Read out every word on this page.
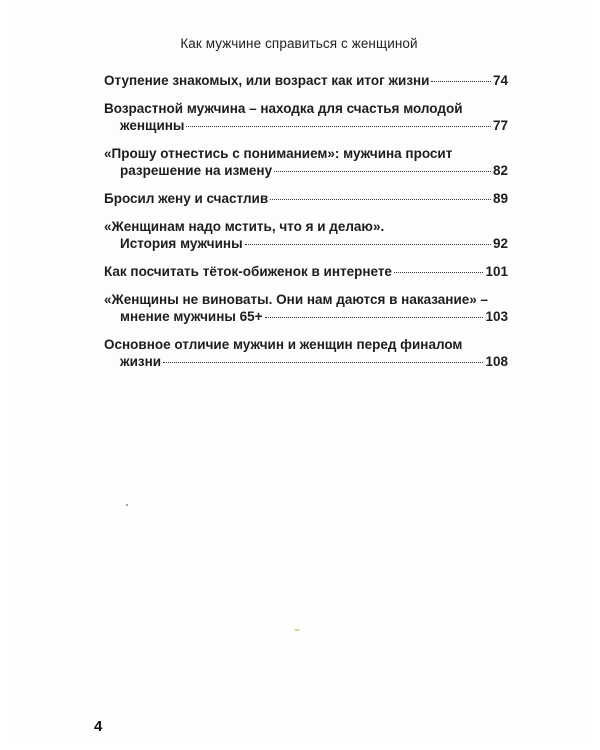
Как мужчине справиться с женщиной
Отупение знакомых, или возраст как итог жизни	74
Возрастной мужчина – находка для счастья молодой
женщины	77
«Прошу отнестись с пониманием»: мужчина просит
разрешение на измену	82
Бросил жену и счастлив	89
«Женщинам надо мстить, что я и делаю».
История мужчины	92
Как посчитать тёток-обиженок в интернете	101
«Женщины не виноваты. Они нам даются в наказание» –
мнение мужчины 65+	103
Основное отличие мужчин и женщин перед финалом
жизни	108
4
